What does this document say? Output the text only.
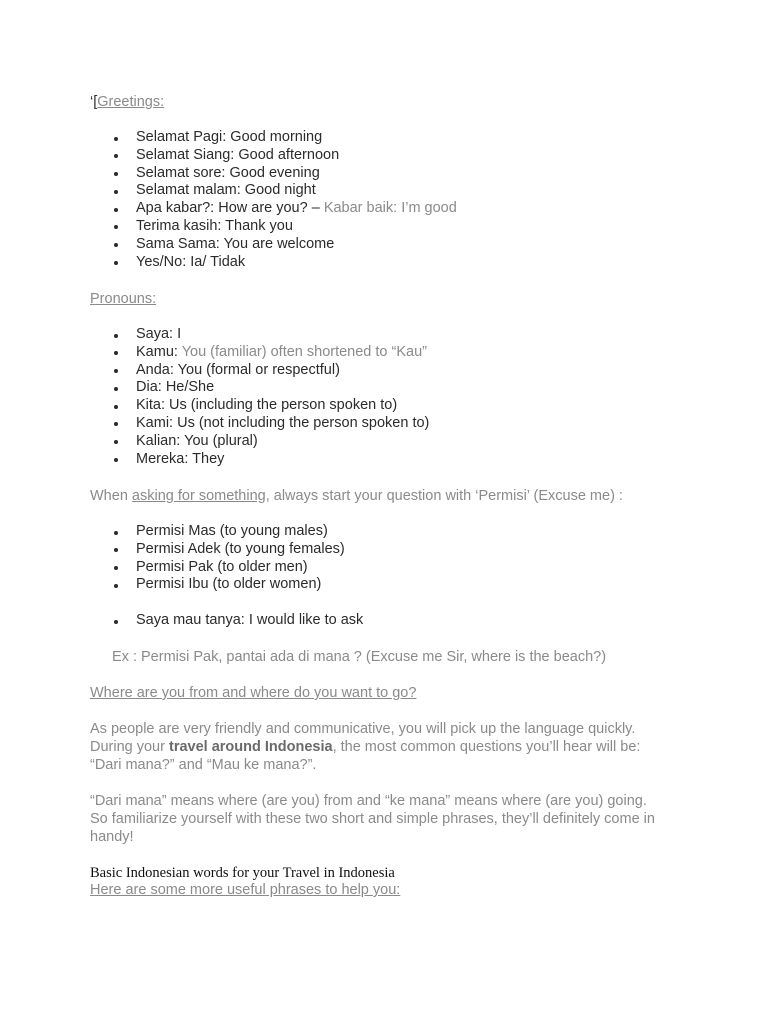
‘[Greetings:
Selamat Pagi: Good morning
Selamat Siang: Good afternoon
Selamat sore: Good evening
Selamat malam: Good night
Apa kabar?: How are you? – Kabar baik: I’m good
Terima kasih: Thank you
Sama Sama: You are welcome
Yes/No: Ia/ Tidak
Pronouns:
Saya: I
Kamu: You (familiar) often shortened to “Kau”
Anda: You (formal or respectful)
Dia: He/She
Kita: Us (including the person spoken to)
Kami: Us (not including the person spoken to)
Kalian: You (plural)
Mereka: They
When asking for something, always start your question with ‘Permisi’ (Excuse me) :
Permisi Mas (to young males)
Permisi Adek (to young females)
Permisi Pak (to older men)
Permisi Ibu (to older women)
Saya mau tanya: I would like to ask
Ex : Permisi Pak, pantai ada di mana ? (Excuse me Sir, where is the beach?)
Where are you from and where do you want to go?
As people are very friendly and communicative, you will pick up the language quickly.
During your travel around Indonesia, the most common questions you’ll hear will be:
“Dari mana?” and “Mau ke mana?”.
“Dari mana” means where (are you) from and “ke mana” means where (are you) going.
So familiarize yourself with these two short and simple phrases, they’ll definitely come in
handy!
Basic Indonesian words for your Travel in Indonesia
Here are some more useful phrases to help you:
